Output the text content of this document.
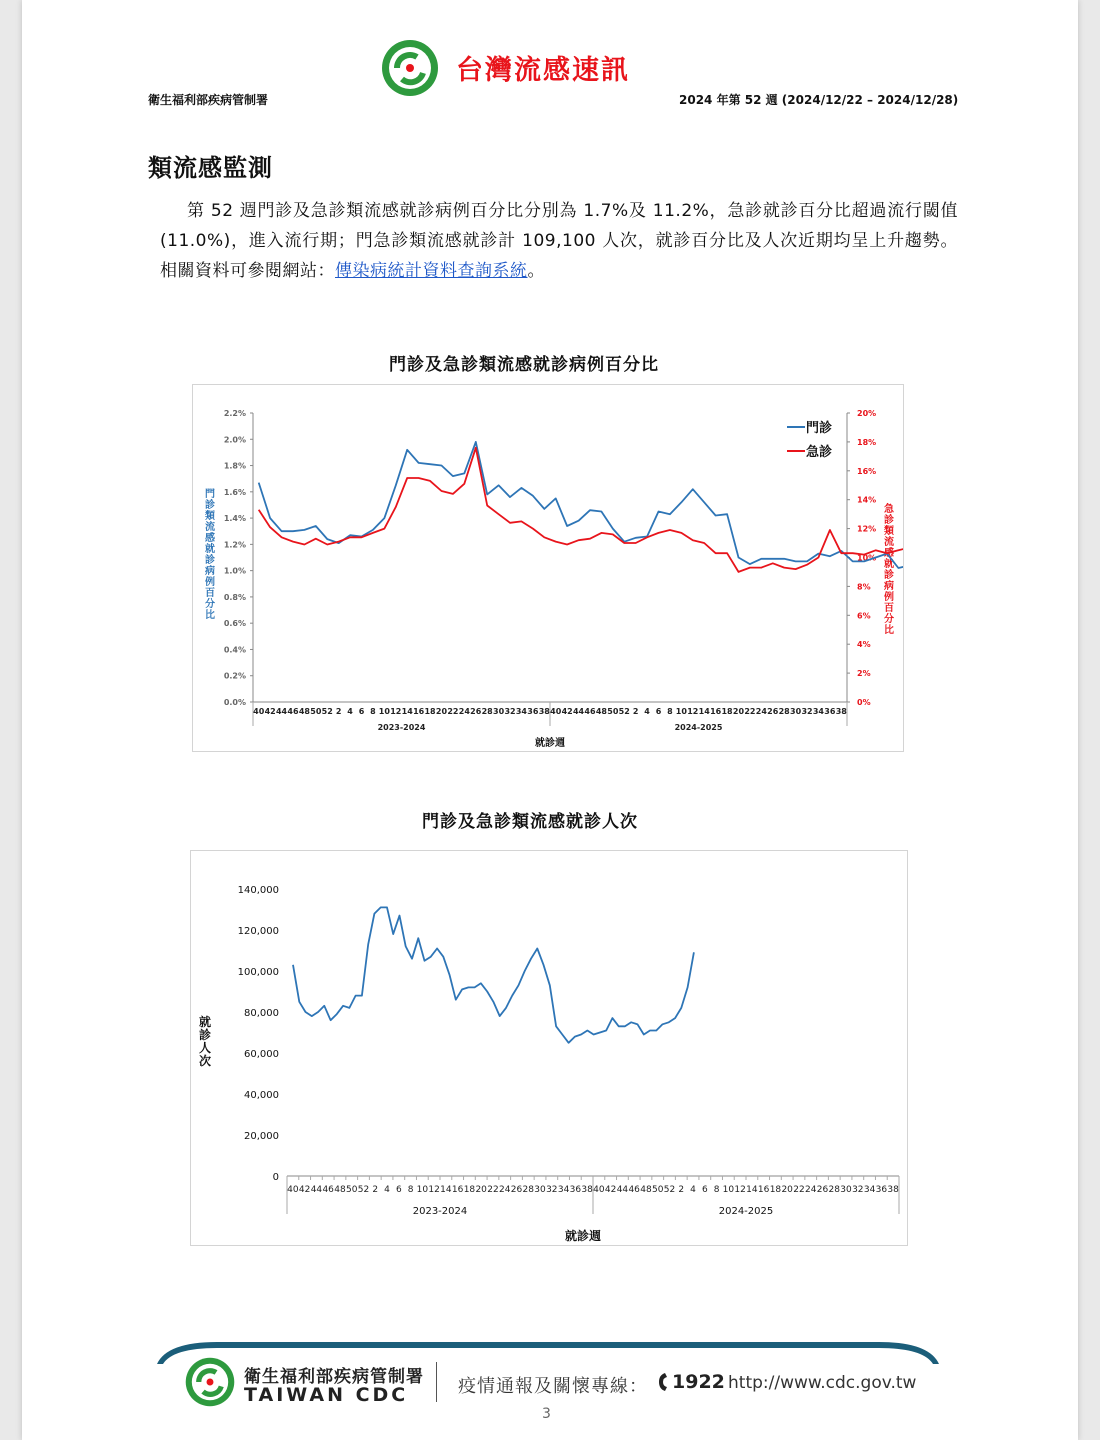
台灣流感速訊
衛生福利部疾病管制署	2024 年第 52 週 (2024/12/22 – 2024/12/28)
類流感監測
第 52 週門診及急診類流感就診病例百分比分別為 1.7%及 11.2%，急診就診百分比超過流行閾值(11.0%)，進入流行期；門急診類流感就診計 109,100 人次，就診百分比及人次近期均呈上升趨勢。相關資料可參閱網站：傳染病統計資料查詢系統。
門診及急診類流感就診病例百分比
0.0%
0.2%
0.4%
0.6%
0.8%
1.0%
1.2%
1.4%
1.6%
1.8%
2.0%
2.2%
0%
2%
4%
6%
8%
10%
12%
14%
16%
18%
20%
40 42 44 46 48 50 52 2 4 6 8 10 12 14 16 18 20 22 24 26 28 30 32 34 36 38 40 42 44 46 48 50 52 2 4 6 8 10 12 14 16 18 20 22 24 26 28 30 32 34 36 38
2023-2024	2024-2025
就診週
門
診
類
流
感
就
診
病
例
百
分
比
急
診
類
流
感
就
診
病
例
百
分
比
門診
急診
門診及急診類流感就診人次
0
20,000
40,000
60,000
80,000
100,000
120,000
140,000
40 42 44 46 48 50 52 2 4 6 8 10 12 14 16 18 20 22 24 26 28 30 32 34 36 38 40 42 44 46 48 50 52 2 4 6 8 10 12 14 16 18 20 22 24 26 28 30 32 34 36 38
2023-2024	2024-2025
就診週
就
診
人
次
衛生福利部疾病管制署
TAIWAN CDC	疫情通報及關懷專線： 1922 http://www.cdc.gov.tw
3
